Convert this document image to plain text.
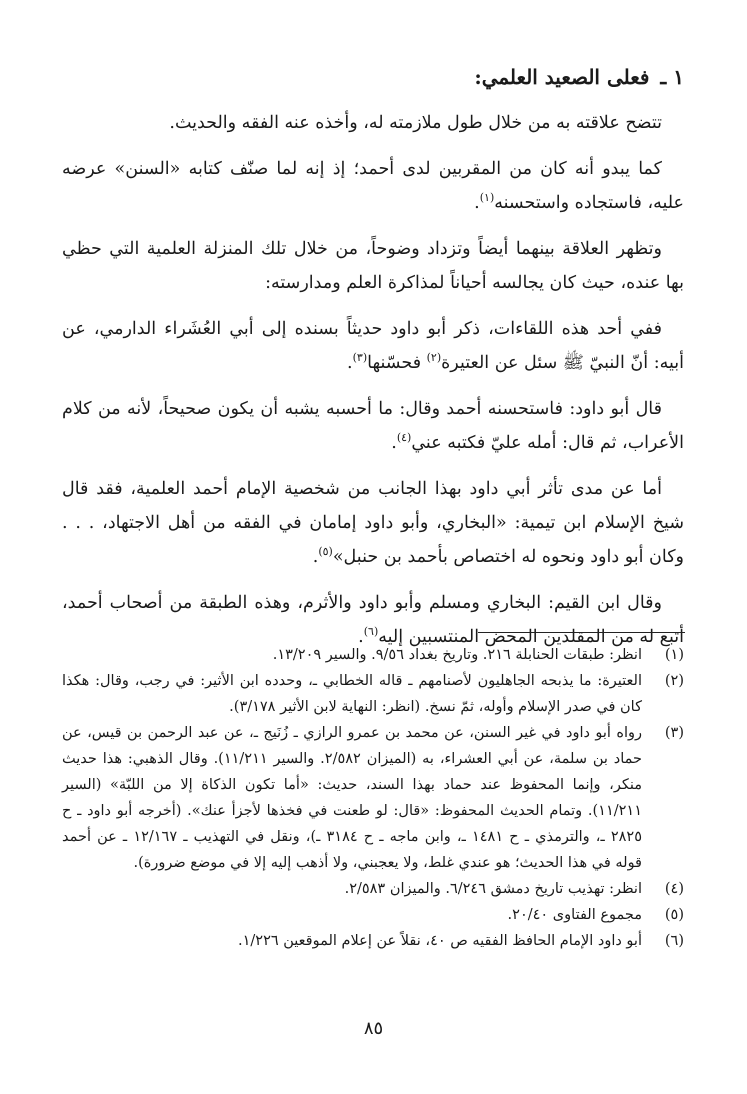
١ ـ فعلى الصعيد العلمي:

تتضح علاقته به من خلال طول ملازمته له، وأخذه عنه الفقه والحديث.

كما يبدو أنه كان من المقربين لدى أحمد؛ إذ إنه لما صنّف كتابه «السنن» عرضه عليه، فاستجاده واستحسنه$^{(١)}$.

وتظهر العلاقة بينهما أيضاً وتزداد وضوحاً، من خلال تلك المنزلة العلمية التي حظي بها عنده، حيث كان يجالسه أحياناً لمذاكرة العلم ومدارسته:

ففي أحد هذه اللقاءات، ذكر أبو داود حديثاً بسنده إلى أبي العُشَراء الدارمي، عن أبيه: أنّ النبيّ ﷺ سئل عن العتيرة$^{(٢)}$ فحسّنها$^{(٣)}$.

قال أبو داود: فاستحسنه أحمد وقال: ما أحسبه يشبه أن يكون صحيحاً، لأنه من كلام الأعراب، ثم قال: أمله عليّ فكتبه عني$^{(٤)}$.

أما عن مدى تأثر أبي داود بهذا الجانب من شخصية الإمام أحمد العلمية، فقد قال شيخ الإسلام ابن تيمية: «البخاري، وأبو داود إمامان في الفقه من أهل الاجتهاد، . . . وكان أبو داود ونحوه له اختصاص بأحمد بن حنبل»$^{(٥)}$.

وقال ابن القيم: البخاري ومسلم وأبو داود والأثرم، وهذه الطبقة من أصحاب أحمد، أتبع له من المقلدين المحض المنتسبين إليه$^{(٦)}$.

(١)
انظر: طبقات الحنابلة ٢١٦. وتاريخ بغداد ٩/٥٦. والسير ١٣/٢٠٩.
(٢)
العتيرة: ما يذبحه الجاهليون لأصنامهم ـ قاله الخطابي ـ، وحدده ابن الأثير: في رجب، وقال: هكذا كان في صدر الإسلام وأوله، ثمّ نسخ. (انظر: النهاية لابن الأثير ٣/١٧٨).
(٣)
رواه أبو داود في غير السنن، عن محمد بن عمرو الرازي ـ زُنَيج ـ، عن عبد الرحمن بن قيس، عن حماد بن سلمة، عن أبي العشراء، به (الميزان ٢/٥٨٢. والسير ١١/٢١١). وقال الذهبي: هذا حديث منكر، وإنما المحفوظ عند حماد بهذا السند، حديث: «أما تكون الذكاة إلا من اللبّة» (السير ١١/٢١١). وتمام الحديث المحفوظ: «قال: لو طعنت في فخذها لأجزأ عنك». (أخرجه أبو داود ـ ح ٢٨٢٥ ـ، والترمذي ـ ح ١٤٨١ ـ، وابن ماجه ـ ح ٣١٨٤ ـ)، ونقل في التهذيب ـ ١٢/١٦٧ ـ عن أحمد قوله في هذا الحديث؛ هو عندي غلط، ولا يعجبني، ولا أذهب إليه إلا في موضع ضرورة).
(٤)
انظر: تهذيب تاريخ دمشق ٦/٢٤٦. والميزان ٢/٥٨٣.
(٥)
مجموع الفتاوى ٢٠/٤٠.
(٦)
أبو داود الإمام الحافظ الفقيه ص ٤٠، نقلاً عن إعلام الموقعين ١/٢٢٦.
٨٥
